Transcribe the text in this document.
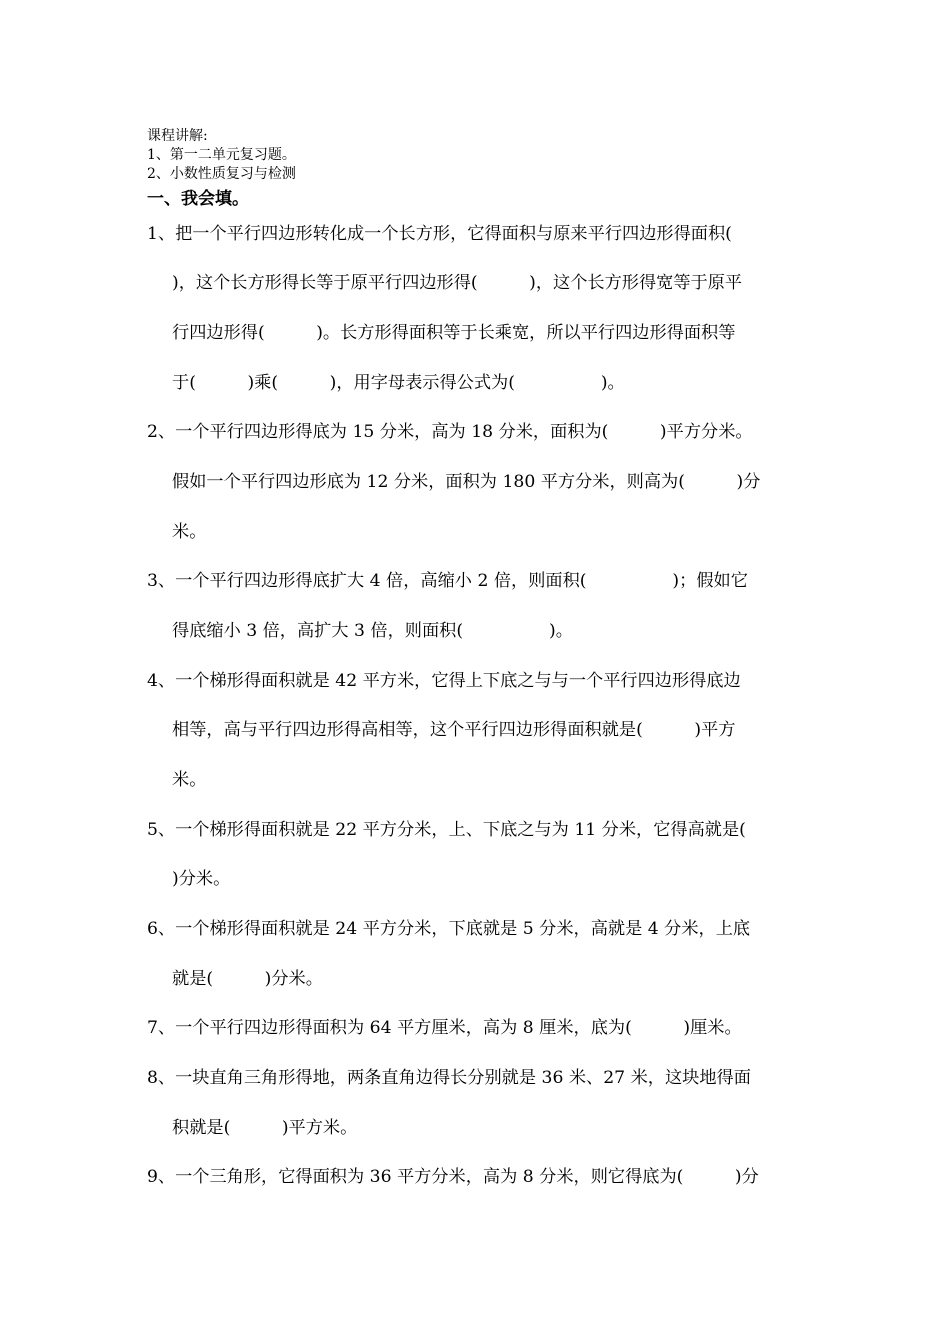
课程讲解:
1、第一二单元复习题。
2、小数性质复习与检测
一、我会填。
1、把一个平行四边形转化成一个长方形，它得面积与原来平行四边形得面积(
)，这个长方形得长等于原平行四边形得(　　　)，这个长方形得宽等于原平
行四边形得(　　　)。长方形得面积等于长乘宽，所以平行四边形得面积等
于(　　　)乘(　　　)，用字母表示得公式为(　　　　　)。
2、一个平行四边形得底为 15 分米，高为 18 分米，面积为(　　　)平方分米。
假如一个平行四边形底为 12 分米，面积为 180 平方分米，则高为(　　　)分
米。
3、一个平行四边形得底扩大 4 倍，高缩小 2 倍，则面积(　　　　　)；假如它
得底缩小 3 倍，高扩大 3 倍，则面积(　　　　　)。
4、一个梯形得面积就是 42 平方米，它得上下底之与与一个平行四边形得底边
相等，高与平行四边形得高相等，这个平行四边形得面积就是(　　　)平方
米。
5、一个梯形得面积就是 22 平方分米，上、下底之与为 11 分米，它得高就是(
)分米。
6、一个梯形得面积就是 24 平方分米，下底就是 5 分米，高就是 4 分米，上底
就是(　　　)分米。
7、一个平行四边形得面积为 64 平方厘米，高为 8 厘米，底为(　　　)厘米。
8、一块直角三角形得地，两条直角边得长分别就是 36 米、27 米，这块地得面
积就是(　　　)平方米。
9、一个三角形，它得面积为 36 平方分米，高为 8 分米，则它得底为(　　　)分
